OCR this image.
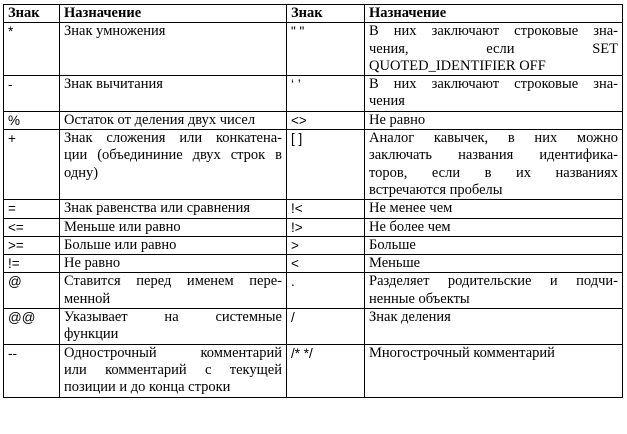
Знак	Назначение	Знак	Назначение
*	Знак умножения	" "	В них заключают строковые зна-
чения, если SET
QUOTED_IDENTIFIER OFF

-	Знак вычитания	‘ ’	В них заключают строковые зна-
чения

%	Остаток от деления двух чисел	<>	Не равно

+	Знак сложения или конкатена-
ции (объедининие двух строк в
одну)	[ ]	Аналог кавычек, в них можно
заключать названия идентифика-
торов, если в их названиях
встречаются пробелы

=	Знак равенства или сравнения	!<	Не менее чем

<=	Меньше или равно	!>	Не более чем

>=	Больше или равно	>	Больше

!=	Не равно	<	Меньше

@	Ставится перед именем пере-
менной	.	Разделяет родительские и подчи-
ненные объекты

@@	Указывает на системные
функции	/	Знак деления

--	Однострочный комментарий
или комментарий с текущей
позиции и до конца строки	/* */	Многострочный комментарий
